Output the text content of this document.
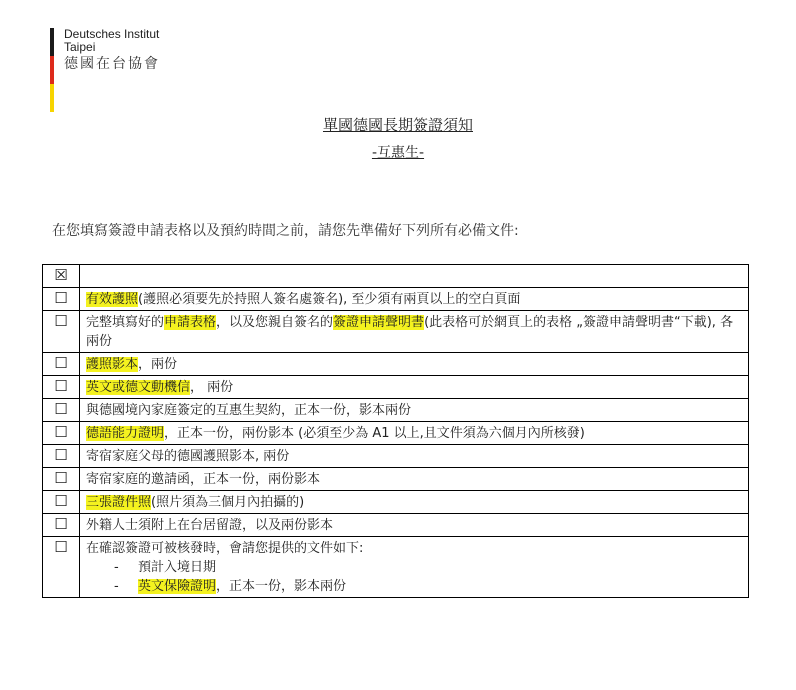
Deutsches Institut
Taipei
德國在台協會
單國德國長期簽證須知
-互惠生-
在您填寫簽證申請表格以及預約時間之前，請您先準備好下列所有必備文件:
☒	
☐	有效護照(護照必須要先於持照人簽名處簽名), 至少須有兩頁以上的空白頁面
☐	完整填寫好的申請表格，以及您親自簽名的簽證申請聲明書(此表格可於網頁上的表格 „簽證申請聲明書“下載), 各兩份
☐	護照影本，兩份
☐	英文或德文動機信， 兩份
☐	與德國境內家庭簽定的互惠生契約，正本一份，影本兩份
☐	德語能力證明，正本一份，兩份影本 (必須至少為 A1 以上,且文件須為六個月內所核發)
☐	寄宿家庭父母的德國護照影本, 兩份
☐	寄宿家庭的邀請函，正本一份，兩份影本
☐	三張證件照(照片須為三個月內拍攝的)
☐	外籍人士須附上在台居留證，以及兩份影本
☐	在確認簽證可被核發時，會請您提供的文件如下:
- 預計入境日期
- 英文保險證明，正本一份，影本兩份
